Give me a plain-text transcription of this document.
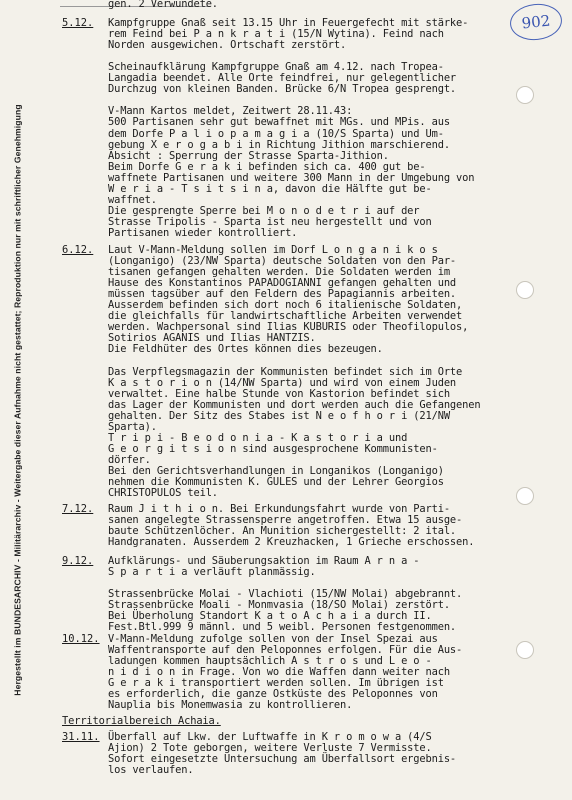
902
Hergestellt im BUNDESARCHIV - Militärarchiv - Weitergabe dieser Aufnahme nicht gestattet; Reproduktion nur mit schriftlicher Genehmigung
gen. 2 Verwundete.
5.12. Kampfgruppe Gnaß seit 13.15 Uhr in Feuergefecht mit stärke-
rem Feind bei P a n k r a t i (15/N Wytina). Feind nach
Norden ausgewichen. Ortschaft zerstört.
Scheinaufklärung Kampfgruppe Gnaß am 4.12. nach Tropea-
Langadia beendet. Alle Orte feindfrei, nur gelegentlicher
Durchzug von kleinen Banden. Brücke 6/N Tropea gesprengt.
V-Mann Kartos meldet, Zeitwert 28.11.43:
500 Partisanen sehr gut bewaffnet mit MGs. und MPis. aus
dem Dorfe P a l i o p a m a g i a (10/S Sparta) und Um-
gebung X e r o g a b i in Richtung Jithion marschierend.
Absicht : Sperrung der Strasse Sparta-Jithion.
Beim Dorfe G e r a k i befinden sich ca. 400 gut be-
waffnete Partisanen und weitere 300 Mann in der Umgebung von
W e r i a - T s i t s i n a, davon die Hälfte gut be-
waffnet.
Die gesprengte Sperre bei M o n o d e t r i auf der
Strasse Tripolis - Sparta ist neu hergestellt und von
Partisanen wieder kontrolliert.
6.12. Laut V-Mann-Meldung sollen im Dorf L o n g a n i k o s
(Longanigo) (23/NW Sparta) deutsche Soldaten von den Par-
tisanen gefangen gehalten werden. Die Soldaten werden im
Hause des Konstantinos PAPADOGIANNI gefangen gehalten und
müssen tagsüber auf den Feldern des Papagiannis arbeiten.
Ausserdem befinden sich dort noch 6 italienische Soldaten,
die gleichfalls für landwirtschaftliche Arbeiten verwendet
werden. Wachpersonal sind Ilias KUBURIS oder Theofilopulos,
Sotirios AGANIS und Ilias HANTZIS.
Die Feldhüter des Ortes können dies bezeugen.
Das Verpflegsmagazin der Kommunisten befindet sich im Orte
K a s t o r i o n (14/NW Sparta) und wird von einem Juden
verwaltet. Eine halbe Stunde von Kastorion befindet sich
das Lager der Kommunisten und dort werden auch die Gefangenen
gehalten. Der Sitz des Stabes ist N e o f h o r i (21/NW
Sparta).
T r i p i - B e o d o n i a - K a s t o r i a und
G e o r g i t s i o n sind ausgesprochene Kommunisten-
dörfer.
Bei den Gerichtsverhandlungen in Longanikos (Longanigo)
nehmen die Kommunisten K. GULES und der Lehrer Georgios
CHRISTOPULOS teil.
7.12. Raum J i t h i o n. Bei Erkundungsfahrt wurde von Parti-
sanen angelegte Strassensperre angetroffen. Etwa 15 ausge-
baute Schützenlöcher. An Munition sichergestellt: 2 ital.
Handgranaten. Ausserdem 2 Kreuzhacken, 1 Grieche erschossen.
9.12. Aufklärungs- und Säuberungsaktion im Raum A r n a -
S p a r t i a verläuft planmässig.
Strassenbrücke Molai - Vlachioti (15/NW Molai) abgebrannt.
Strassenbrücke Moali - Monmvasia (18/SO Molai) zerstört.
Bei Überholung Standort K a t o A c h a i a durch II.
Fest.Btl.999 9 männl. und 5 weibl. Personen festgenommen.
10.12. V-Mann-Meldung zufolge sollen von der Insel Spezai aus
Waffentransporte auf den Peloponnes erfolgen. Für die Aus-
ladungen kommen hauptsächlich A s t r o s und L e o -
n i d i o n in Frage. Von wo die Waffen dann weiter nach
G e r a k i transportiert werden sollen. Im übrigen ist
es erforderlich, die ganze Ostküste des Peloponnes von
Nauplia bis Monemwasia zu kontrollieren.
Territorialbereich Achaia.
31.11. Überfall auf Lkw. der Luftwaffe in K r o m o w a (4/S
Ajion) 2 Tote geborgen, weitere Verluste 7 Vermisste.
Sofort eingesetzte Untersuchung am Überfallsort ergebnis-
los verlaufen.
